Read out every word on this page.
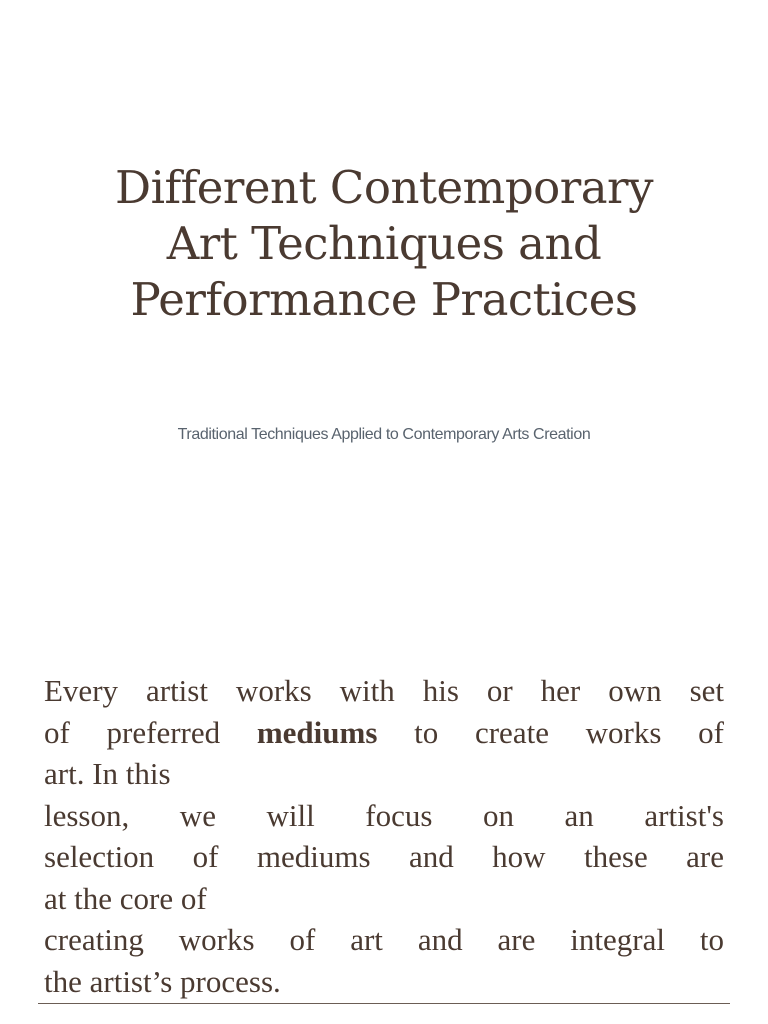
Different Contemporary
Art Techniques and
Performance Practices

Traditional Techniques Applied to Contemporary Arts Creation

Every artist works with his or her own set
of preferred mediums to create works of
art. In this
lesson, we will focus on an artist's
selection of mediums and how these are
at the core of
creating works of art and are integral to
the artist’s process.
